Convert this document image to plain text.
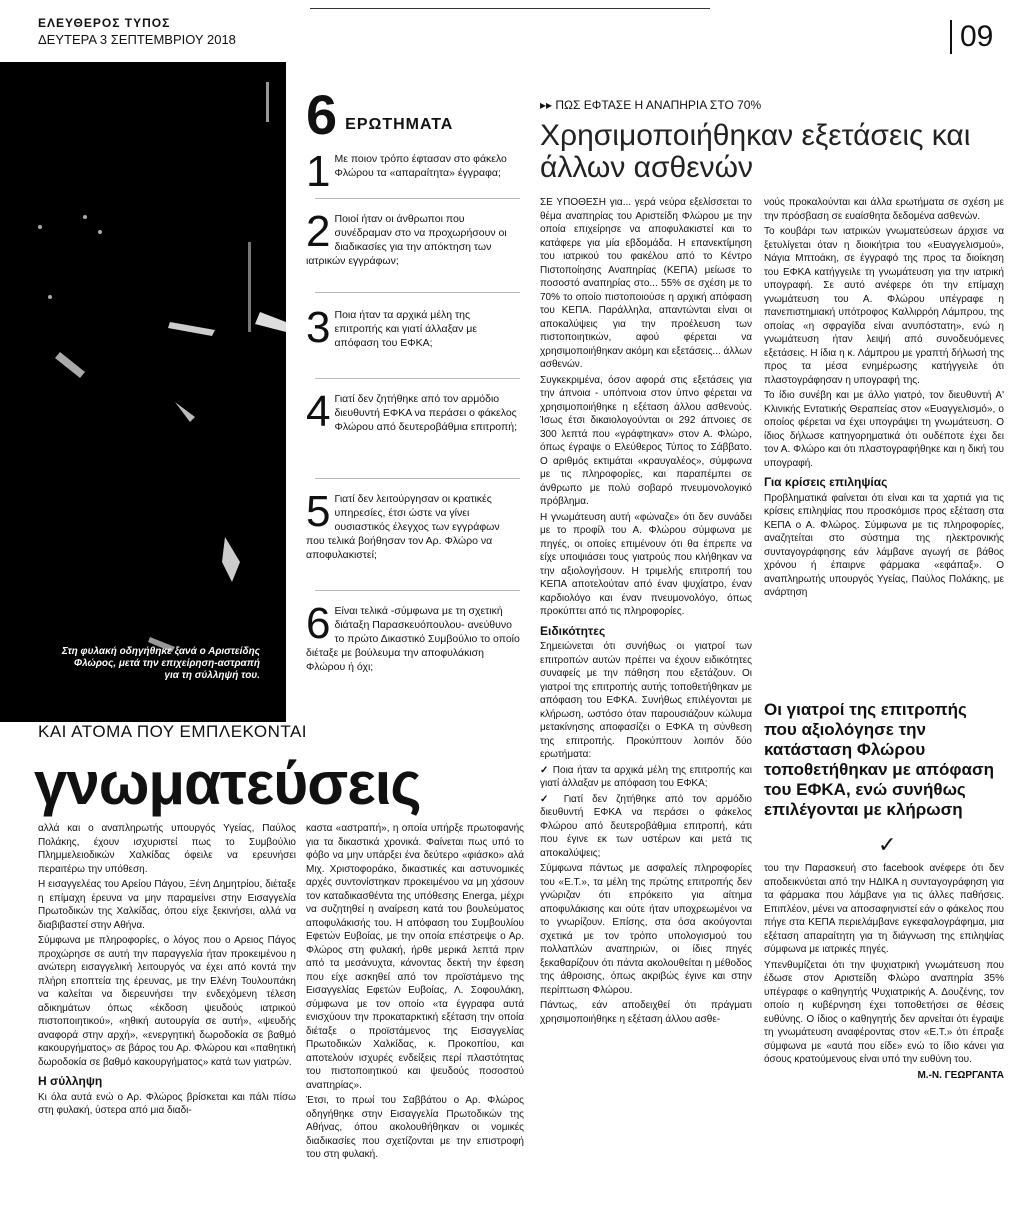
ΕΛΕΥΘΕΡΟΣ ΤΥΠΟΣ
ΔΕΥΤΕΡΑ 3 ΣΕΠΤΕΜΒΡΙΟΥ 2018	09
Στη φυλακή οδηγήθηκε ξανά ο Αριστείδης Φλώρος, μετά την επιχείρηση-αστραπή για τη σύλληψή του.
ΚΑΙ ΑΤΟΜΑ ΠΟΥ ΕΜΠΛΕΚΟΝΤΑΙ
γνωματεύσεις

αλλά και ο αναπληρωτής υπουργός Υγείας, Παύλος Πολάκης, έχουν ισχυριστεί πως το Συμβούλιο Πλημμελειοδικών Χαλκίδας όφειλε να ερευνήσει περαιτέρω την υπόθεση.

Η εισαγγελέας του Αρείου Πάγου, Ξένη Δημητρίου, διέταξε η επίμαχη έρευνα να μην παραμείνει στην Εισαγγελία Πρωτοδικών της Χαλκίδας, όπου είχε ξεκινήσει, αλλά να διαβιβαστεί στην Αθήνα.

Σύμφωνα με πληροφορίες, ο λόγος που ο Αρειος Πάγος προχώρησε σε αυτή την παραγγελία ήταν προκειμένου η ανώτερη εισαγγελική λειτουργός να έχει από κοντά την πλήρη εποπτεία της έρευνας, με την Ελένη Τουλουπάκη να καλείται να διερευνήσει την ενδεχόμενη τέλεση αδικημάτων όπως «έκδοση ψευδούς ιατρικού πιστοποιητικού», «ηθική αυτουργία σε αυτή», «ψευδής αναφορά στην αρχή», «ενεργητική δωροδοκία σε βαθμό κακουργήματος» σε βάρος του Αρ. Φλώρου και «παθητική δωροδοκία σε βαθμό κακουργήματος» κατά των γιατρών.

Η σύλληψη

Κι όλα αυτά ενώ ο Αρ. Φλώρος βρίσκεται και πάλι πίσω στη φυλακή, ύστερα από μια διαδι-

6 ΕΡΩΤΗΜΑΤΑ
1 Με ποιον τρόπο έφτασαν στο φάκελο Φλώρου τα «απαραίτητα» έγγραφα;
2 Ποιοί ήταν οι άνθρωποι που συνέδραμαν στο να προχωρήσουν οι διαδικασίες για την απόκτηση των ιατρικών εγγράφων;
3 Ποια ήταν τα αρχικά μέλη της επιτροπής και γιατί άλλαξαν με απόφαση του ΕΦΚΑ;
4 Γιατί δεν ζητήθηκε από τον αρμόδιο διευθυντή ΕΦΚΑ να περάσει ο φάκελος Φλώρου από δευτεροβάθμια επιτροπή;
5 Γιατί δεν λειτούργησαν οι κρατικές υπηρεσίες, έτσι ώστε να γίνει ουσιαστικός έλεγχος των εγγράφων που τελικά βοήθησαν τον Αρ. Φλώρο να αποφυλακιστεί;
6 Είναι τελικά -σύμφωνα με τη σχετική διάταξη Παρασκευόπουλου- ανεύθυνο το πρώτο Δικαστικό Συμβούλιο το οποίο διέταξε με βούλευμα την αποφυλάκιση Φλώρου ή όχι;

καστα «αστραπή», η οποία υπήρξε πρωτοφανής για τα δικαστικά χρονικά. Φαίνεται πως υπό το φόβο να μην υπάρξει ένα δεύτερο «φιάσκο» αλά Μιχ. Χριστοφοράκο, δικαστικές και αστυνομικές αρχές συντονίστηκαν προκειμένου να μη χάσουν τον καταδικασθέντα της υπόθεσης Energa, μέχρι να συζητηθεί η αναίρεση κατά του βουλεύματος αποφυλάκισής του. Η απόφαση του Συμβουλίου Εφετών Ευβοίας, με την οποία επέστρεψε ο Αρ. Φλώρος στη φυλακή, ήρθε μερικά λεπτά πριν από τα μεσάνυχτα, κάνοντας δεκτή την έφεση που είχε ασκηθεί από τον προϊστάμενο της Εισαγγελίας Εφετών Ευβοίας, Λ. Σοφουλάκη, σύμφωνα με τον οποίο «τα έγγραφα αυτά ενισχύουν την προκαταρκτική εξέταση την οποία διέταξε ο προϊστάμενος της Εισαγγελίας Πρωτοδικών Χαλκίδας, κ. Προκοπίου, και αποτελούν ισχυρές ενδείξεις περί πλαστότητας του πιστοποιητικού και ψευδούς ποσοστού αναπηρίας».

Έτσι, το πρωί του Σαββάτου ο Αρ. Φλώρος οδηγήθηκε στην Εισαγγελία Πρωτοδικών της Αθήνας, όπου ακολουθήθηκαν οι νομικές διαδικασίες που σχετίζονται με την επιστροφή του στη φυλακή.

▸▸ ΠΩΣ ΕΦΤΑΣΕ Η ΑΝΑΠΗΡΙΑ ΣΤΟ 70%
Χρησιμοποιήθηκαν εξετάσεις και άλλων ασθενών

ΣΕ ΥΠΟΘΕΣΗ για... γερά νεύρα εξελίσσεται το θέμα αναπηρίας του Αριστείδη Φλώρου με την οποία επιχείρησε να αποφυλακιστεί και το κατάφερε για μία εβδομάδα. Η επανεκτίμηση του ιατρικού του φακέλου από το Κέντρο Πιστοποίησης Αναπηρίας (ΚΕΠΑ) μείωσε το ποσοστό αναπηρίας στο... 55% σε σχέση με το 70% το οποίο πιστοποιούσε η αρχική απόφαση του ΚΕΠΑ. Παράλληλα, απαντώνται είναι οι αποκαλύψεις για την προέλευση των πιστοποιητικών, αφού φέρεται να χρησιμοποιήθηκαν ακόμη και εξετάσεις... άλλων ασθενών.

Συγκεκριμένα, όσον αφορά στις εξετάσεις για την άπνοια - υπόπνοια στον ύπνο φέρεται να χρησιμοποιήθηκε η εξέταση άλλου ασθενούς. Ίσως έτσι δικαιολογούνται οι 292 άπνοιες σε 300 λεπτά που «γράφτηκαν» στον Α. Φλώρο, όπως έγραψε ο Ελεύθερος Τύπος το Σάββατο. Ο αριθμός εκτιμάται «κραυγαλέος», σύμφωνα με τις πληροφορίες, και παραπέμπει σε άνθρωπο με πολύ σοβαρό πνευμονολογικό πρόβλημα.

Η γνωμάτευση αυτή «φώναζε» ότι δεν συνάδει με το προφίλ του Α. Φλώρου σύμφωνα με πηγές, οι οποίες επιμένουν ότι θα έπρεπε να είχε υποψιάσει τους γιατρούς που κλήθηκαν να την αξιολογήσουν. Η τριμελής επιτροπή του ΚΕΠΑ αποτελούταν από έναν ψυχίατρο, έναν καρδιολόγο και έναν πνευμονολόγο, όπως προκύπτει από τις πληροφορίες.

Ειδικότητες

Σημειώνεται ότι συνήθως οι γιατροί των επιτροπών αυτών πρέπει να έχουν ειδικότητες συναφείς με την πάθηση που εξετάζουν. Οι γιατροί της επιτροπής αυτής τοποθετήθηκαν με απόφαση του ΕΦΚΑ. Συνήθως επιλέγονται με κλήρωση, ωστόσο όταν παρουσιάζουν κώλυμα μετακίνησης αποφασίζει ο ΕΦΚΑ τη σύνθεση της επιτροπής. Προκύπτουν λοιπόν δύο ερωτήματα:

✓ Ποια ήταν τα αρχικά μέλη της επιτροπής και γιατί άλλαξαν με απόφαση του ΕΦΚΑ;

✓ Γιατί δεν ζητήθηκε από τον αρμόδιο διευθυντή ΕΦΚΑ να περάσει ο φάκελος Φλώρου από δευτεροβάθμια επιτροπή, κάτι που έγινε εκ των υστέρων και μετά τις αποκαλύψεις;

Σύμφωνα πάντως με ασφαλείς πληροφορίες του «Ε.Τ.», τα μέλη της πρώτης επιτροπής δεν γνώριζαν ότι επρόκειτο για αίτημα αποφυλάκισης και ούτε ήταν υποχρεωμένοι να το γνωρίζουν. Επίσης, στα όσα ακούγονται σχετικά με τον τρόπο υπολογισμού του πολλαπλών αναπηριών, οι ίδιες πηγές ξεκαθαρίζουν ότι πάντα ακολουθείται η μέθοδος της άθροισης, όπως ακριβώς έγινε και στην περίπτωση Φλώρου.

Πάντως, εάν αποδειχθεί ότι πράγματι χρησιμοποιήθηκε η εξέταση άλλου ασθε-

νούς προκαλούνται και άλλα ερωτήματα σε σχέση με την πρόσβαση σε ευαίσθητα δεδομένα ασθενών.

Το κουβάρι των ιατρικών γνωματεύσεων άρχισε να ξετυλίγεται όταν η διοικήτρια του «Ευαγγελισμού», Νάγια Μπτοάκη, σε έγγραφό της προς τα διοίκηση του ΕΦΚΑ κατήγγειλε τη γνωμάτευση για την ιατρική υπογραφή. Σε αυτό ανέφερε ότι την επίμαχη γνωμάτευση του Α. Φλώρου υπέγραφε η πανεπιστημιακή υπότροφος Καλλιρρόη Λάμπρου, της οποίας «η σφραγίδα είναι ανυπόστατη», ενώ η γνωμάτευση ήταν λειψή από συνοδευόμενες εξετάσεις. Η ίδια η κ. Λάμπρου με γραπτή δήλωσή της προς τα μέσα ενημέρωσης κατήγγειλε ότι πλαστογράφησαν η υπογραφή της.

Το ίδιο συνέβη και με άλλο γιατρό, τον διευθυντή Α' Κλινικής Εντατικής Θεραπείας στον «Ευαγγελισμό», ο οποίος φέρεται να έχει υπογράψει τη γνωμάτευση. Ο ίδιος δήλωσε κατηγορηματικά ότι ουδέποτε έχει δει τον Α. Φλώρο και ότι πλαστογραφήθηκε και η δική του υπογραφή.

Για κρίσεις επιληψίας

Προβληματικά φαίνεται ότι είναι και τα χαρτιά για τις κρίσεις επιληψίας που προσκόμισε προς εξέταση στα ΚΕΠΑ ο Α. Φλώρος. Σύμφωνα με τις πληροφορίες, αναζητείται στο σύστημα της ηλεκτρονικής συνταγογράφησης εάν λάμβανε αγωγή σε βάθος χρόνου ή έπαιρνε φάρμακα «εφάπαξ». Ο αναπληρωτής υπουργός Υγείας, Παύλος Πολάκης, με ανάρτηση

Οι γιατροί της επιτροπής που αξιολόγησε την κατάσταση Φλώρου τοποθετήθηκαν με απόφαση του ΕΦΚΑ, ενώ συνήθως επιλέγονται με κλήρωση
✓

του την Παρασκευή στο facebook ανέφερε ότι δεν αποδεικνύεται από την ΗΔΙΚΑ η συνταγογράφηση για τα φάρμακα που λάμβανε για τις άλλες παθήσεις. Επιπλέον, μένει να αποσαφηνιστεί εάν ο φάκελος που πήγε στα ΚΕΠΑ περιελάμβανε εγκεφαλογράφημα, μια εξέταση απαραίτητη για τη διάγνωση της επιληψίας σύμφωνα με ιατρικές πηγές.

Υπενθυμίζεται ότι την ψυχιατρική γνωμάτευση που έδωσε στον Αριστείδη Φλώρο αναπηρία 35% υπέγραφε ο καθηγητής Ψυχιατρικής Α. Δουζένης, τον οποίο η κυβέρνηση έχει τοποθετήσει σε θέσεις ευθύνης. Ο ίδιος ο καθηγητής δεν αρνείται ότι έγραψε τη γνωμάτευση αναφέροντας στον «Ε.Τ.» ότι έπραξε σύμφωνα με «αυτά που είδε» ενώ το ίδιο κάνει για όσους κρατούμενους είναι υπό την ευθύνη του.

Μ.-Ν. ΓΕΩΡΓΑΝΤΑ
